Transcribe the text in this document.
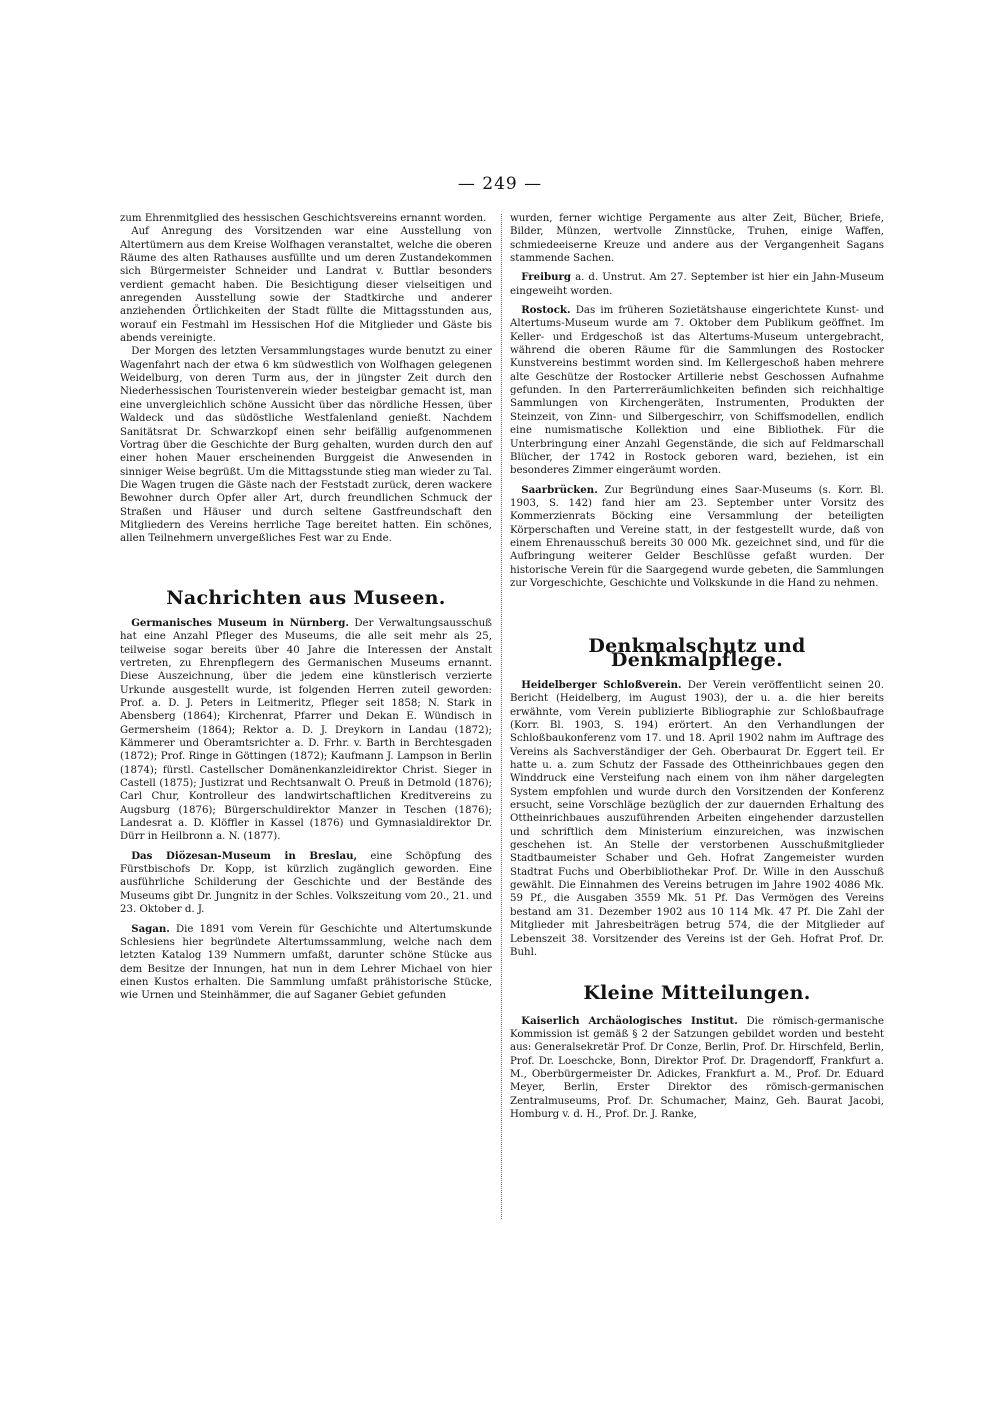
— 249 —

zum Ehrenmitglied des hessischen Geschichtsvereins ernannt worden.

Auf Anregung des Vorsitzenden war eine Ausstellung von Altertümern aus dem Kreise Wolfhagen veranstaltet, welche die oberen Räume des alten Rathauses ausfüllte und um deren Zustandekommen sich Bürgermeister Schneider und Landrat v. Buttlar besonders verdient gemacht haben. Die Besichtigung dieser vielseitigen und anregenden Ausstellung sowie der Stadtkirche und anderer anziehenden Örtlichkeiten der Stadt füllte die Mittagsstunden aus, worauf ein Festmahl im Hessischen Hof die Mitglieder und Gäste bis abends vereinigte.

Der Morgen des letzten Versammlungstages wurde benutzt zu einer Wagenfahrt nach der etwa 6 km südwestlich von Wolfhagen gelegenen Weidelburg, von deren Turm aus, der in jüngster Zeit durch den Niederhessischen Touristenverein wieder besteigbar gemacht ist, man eine unvergleichlich schöne Aussicht über das nördliche Hessen, über Waldeck und das südöstliche Westfalenland genießt. Nachdem Sanitätsrat Dr. Schwarzkopf einen sehr beifällig aufgenommenen Vortrag über die Geschichte der Burg gehalten, wurden durch den auf einer hohen Mauer erscheinenden Burggeist die Anwesenden in sinniger Weise begrüßt. Um die Mittagsstunde stieg man wieder zu Tal. Die Wagen trugen die Gäste nach der Feststadt zurück, deren wackere Bewohner durch Opfer aller Art, durch freundlichen Schmuck der Straßen und Häuser und durch seltene Gastfreundschaft den Mitgliedern des Vereins herrliche Tage bereitet hatten. Ein schönes, allen Teilnehmern unvergeßliches Fest war zu Ende.

Nachrichten aus Museen.

Germanisches Museum in Nürnberg. Der Verwaltungsausschuß hat eine Anzahl Pfleger des Museums, die alle seit mehr als 25, teilweise sogar bereits über 40 Jahre die Interessen der Anstalt vertreten, zu Ehrenpflegern des Germanischen Museums ernannt. Diese Auszeichnung, über die jedem eine künstlerisch verzierte Urkunde ausgestellt wurde, ist folgenden Herren zuteil geworden: Prof. a. D. J. Peters in Leitmeritz, Pfleger seit 1858; N. Stark in Abensberg (1864); Kirchenrat, Pfarrer und Dekan E. Wündisch in Germersheim (1864); Rektor a. D. J. Dreykorn in Landau (1872); Kämmerer und Oberamtsrichter a. D. Frhr. v. Barth in Berchtesgaden (1872); Prof. Ringe in Göttingen (1872); Kaufmann J. Lampson in Berlin (1874); fürstl. Castellscher Domänenkanzleidirektor Christ. Sieger in Castell (1875); Justizrat und Rechtsanwalt O. Preuß in Detmold (1876); Carl Chur, Kontrolleur des landwirtschaftlichen Kreditvereins zu Augsburg (1876); Bürgerschuldirektor Manzer in Teschen (1876); Landesrat a. D. Klöffler in Kassel (1876) und Gymnasialdirektor Dr. Dürr in Heilbronn a. N. (1877).

Das Diözesan-Museum in Breslau, eine Schöpfung des Fürstbischofs Dr. Kopp, ist kürzlich zugänglich geworden. Eine ausführliche Schilderung der Geschichte und der Bestände des Museums gibt Dr. Jungnitz in der Schles. Volkszeitung vom 20., 21. und 23. Oktober d. J.

Sagan. Die 1891 vom Verein für Geschichte und Altertumskunde Schlesiens hier begründete Altertumssammlung, welche nach dem letzten Katalog 139 Nummern umfaßt, darunter schöne Stücke aus dem Besitze der Innungen, hat nun in dem Lehrer Michael von hier einen Kustos erhalten. Die Sammlung umfaßt prähistorische Stücke, wie Urnen und Steinhämmer, die auf Saganer Gebiet gefunden

wurden, ferner wichtige Pergamente aus alter Zeit, Bücher, Briefe, Bilder, Münzen, wertvolle Zinnstücke, Truhen, einige Waffen, schmiedeeiserne Kreuze und andere aus der Vergangenheit Sagans stammende Sachen.

Freiburg a. d. Unstrut. Am 27. September ist hier ein Jahn-Museum eingeweiht worden.

Rostock. Das im früheren Sozietätshause eingerichtete Kunst- und Altertums-Museum wurde am 7. Oktober dem Publikum geöffnet. Im Keller- und Erdgeschoß ist das Altertums-Museum untergebracht, während die oberen Räume für die Sammlungen des Rostocker Kunstvereins bestimmt worden sind. Im Kellergeschoß haben mehrere alte Geschütze der Rostocker Artillerie nebst Geschossen Aufnahme gefunden. In den Parterreräumlichkeiten befinden sich reichhaltige Sammlungen von Kirchengeräten, Instrumenten, Produkten der Steinzeit, von Zinn- und Silbergeschirr, von Schiffsmodellen, endlich eine numismatische Kollektion und eine Bibliothek. Für die Unterbringung einer Anzahl Gegenstände, die sich auf Feldmarschall Blücher, der 1742 in Rostock geboren ward, beziehen, ist ein besonderes Zimmer eingeräumt worden.

Saarbrücken. Zur Begründung eines Saar-Museums (s. Korr. Bl. 1903, S. 142) fand hier am 23. September unter Vorsitz des Kommerzienrats Böcking eine Versammlung der beteiligten Körperschaften und Vereine statt, in der festgestellt wurde, daß von einem Ehrenausschuß bereits 30 000 Mk. gezeichnet sind, und für die Aufbringung weiterer Gelder Beschlüsse gefaßt wurden. Der historische Verein für die Saargegend wurde gebeten, die Sammlungen zur Vorgeschichte, Geschichte und Volkskunde in die Hand zu nehmen.

Denkmalschutz und Denkmalpflege.

Heidelberger Schloßverein. Der Verein veröffentlicht seinen 20. Bericht (Heidelberg, im August 1903), der u. a. die hier bereits erwähnte, vom Verein publizierte Bibliographie zur Schloßbaufrage (Korr. Bl. 1903, S. 194) erörtert. An den Verhandlungen der Schloßbaukonferenz vom 17. und 18. April 1902 nahm im Auftrage des Vereins als Sachverständiger der Geh. Oberbaurat Dr. Eggert teil. Er hatte u. a. zum Schutz der Fassade des Ottheinrichbaues gegen den Winddruck eine Versteifung nach einem von ihm näher dargelegten System empfohlen und wurde durch den Vorsitzenden der Konferenz ersucht, seine Vorschläge bezüglich der zur dauernden Erhaltung des Ottheinrichbaues auszuführenden Arbeiten eingehender darzustellen und schriftlich dem Ministerium einzureichen, was inzwischen geschehen ist. An Stelle der verstorbenen Ausschußmitglieder Stadtbaumeister Schaber und Geh. Hofrat Zangemeister wurden Stadtrat Fuchs und Oberbibliothekar Prof. Dr. Wille in den Ausschuß gewählt. Die Einnahmen des Vereins betrugen im Jahre 1902 4086 Mk. 59 Pf., die Ausgaben 3559 Mk. 51 Pf. Das Vermögen des Vereins bestand am 31. Dezember 1902 aus 10 114 Mk. 47 Pf. Die Zahl der Mitglieder mit Jahresbeiträgen betrug 574, die der Mitglieder auf Lebenszeit 38. Vorsitzender des Vereins ist der Geh. Hofrat Prof. Dr. Buhl.

Kleine Mitteilungen.

Kaiserlich Archäologisches Institut. Die römisch-germanische Kommission ist gemäß § 2 der Satzungen gebildet worden und besteht aus: Generalsekretär Prof. Dr Conze, Berlin, Prof. Dr. Hirschfeld, Berlin, Prof. Dr. Loeschcke, Bonn, Direktor Prof. Dr. Dragendorff, Frankfurt a. M., Oberbürgermeister Dr. Adickes, Frankfurt a. M., Prof. Dr. Eduard Meyer, Berlin, Erster Direktor des römisch-germanischen Zentralmuseums, Prof. Dr. Schumacher, Mainz, Geh. Baurat Jacobi, Homburg v. d. H., Prof. Dr. J. Ranke,
